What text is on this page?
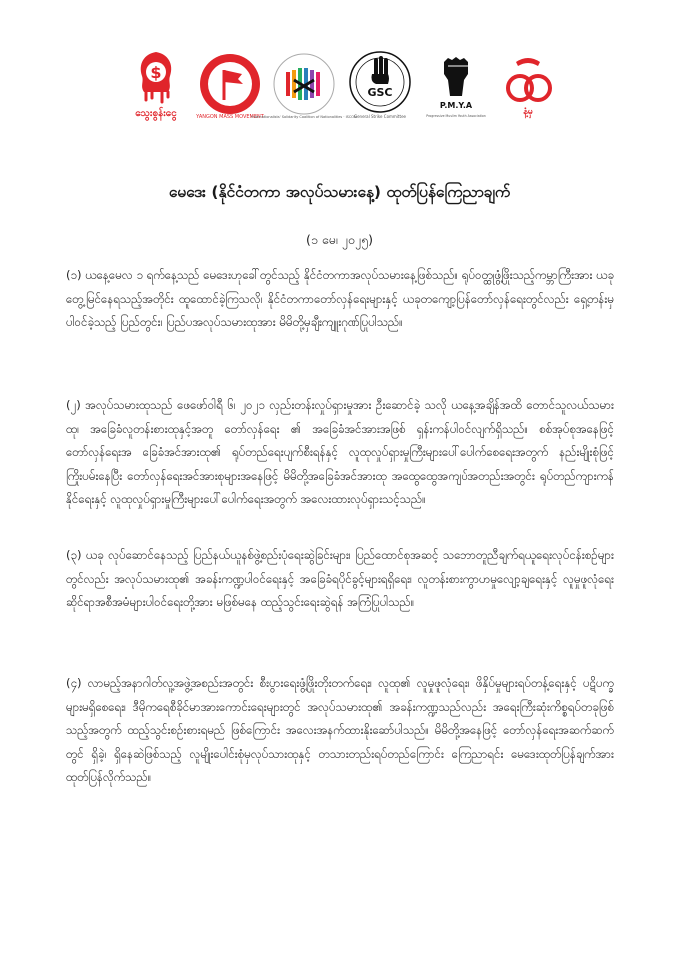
$
သွေးစွန်းငွေ	YANGON MASS MOVEMENT
Internationalists' Solidarity Coalition of Nationalities · ISCON
GSC
General Strike Committee
P.M.Y.A
Progressive Muslim Youth Association	နံ့မှ
မေဒေး (နိုင်ငံတကာ အလုပ်သမားနေ့) ထုတ်ပြန်ကြေညာချက်
(၁ မေ၊ ၂၀၂၅)

(၁) ယနေ့မေလ ၁ ရက်နေ့သည် မေဒေးဟုခေါ်တွင်သည့် နိုင်ငံတကာအလုပ်သမားနေ့ဖြစ်သည်။ ရုပ်ဝတ္ထုဖွံ့ဖြိုးသည့်ကမ္ဘာကြီးအား ယခုတွေ့မြင်နေရသည့်အတိုင်း ထူထောင်ခဲ့ကြသလို၊ နိုင်ငံတကာတော်လှန်ရေးများနှင့် ယခုတကျော့ပြန်တော်လှန်ရေးတွင်လည်း ရှေ့တန်းမှပါဝင်ခဲ့သည့် ပြည်တွင်း၊ ပြည်ပအလုပ်သမားထုအား မိမိတို့မှချီးကျူးဂုဏ်ပြုပါသည်။

(၂) အလုပ်သမားထုသည် ဖေဖော်ဝါရီ ၆၊ ၂၀၂၁ လှည်းတန်းလှုပ်ရှားမှုအား ဦးဆောင်ခဲ့ သလို ယနေ့အချိန်အထိ တောင်သူလယ်သမားထု၊ အခြေခံလူတန်းစားထုနှင့်အတူ တော်လှန်ရေး ၏ အခြေခံအင်အားအဖြစ် ရှန်းကန်ပါဝင်လျက်ရှိသည်။ စစ်အုပ်စုအနေဖြင့် တော်လှန်ရေးအ ခြေခံအင်အားထု၏ ရုပ်တည်ရေးပျက်စီးရန်နှင့် လူထုလှုပ်ရှားမှုကြီးများပေါ်ပေါက်စေရေးအတွက် နည်းမျိုးစုံဖြင့်ကြိုးပမ်းနေပြီး တော်လှန်ရေးအင်အားစုများအနေဖြင့် မိမိတို့အခြေခံအင်အားထု အထွေထွေအကျပ်အတည်းအတွင်း ရုပ်တည်ကျားကန်နိုင်ရေးနှင့် လူထုလှုပ်ရှားမှုကြီးများပေါ်ပေါက်ရေးအတွက် အလေးထားလုပ်ရှားသင့်သည်။

(၃) ယခု လုပ်ဆောင်နေသည့် ပြည်နယ်ယူနစ်ဖွဲ့စည်းပုံရေးဆွဲခြင်းများ၊ ပြည်ထောင်စုအဆင့် သဘောတူညီချက်ရယူရေးလုပ်ငန်းစဉ်များတွင်လည်း အလုပ်သမားထု၏ အခန်းကဏ္ဍပါဝင်ရေးနှင့် အခြေခံရပိုင်ခွင့်များရရှိရေး၊ လူတန်းစားကွာဟမှုလျော့ချရေးနှင့် လူမှုဖူလုံရေးဆိုင်ရာအစီအမံများပါဝင်ရေးတို့အား မဖြစ်မနေ ထည့်သွင်းရေးဆွဲရန် အကြံပြုပါသည်။

(၄) လာမည့်အနာဂါတ်လူ့အဖွဲ့အစည်းအတွင်း စီးပွားရေးဖွံ့ဖြိုးတိုးတက်ရေး၊ လူထု၏ လူမှုဖူလုံရေး၊ ဖိနှိပ်မှုများရပ်တန့်ရေးနှင့် ပဋိပက္ခများမရှိစေရေး၊ ဒီမိုကရေစီခိုင်မာအားကောင်းရေးများတွင် အလုပ်သမားထု၏ အခန်းကဏ္ဍသည်လည်း အရေးကြီးဆုံးကိစ္စရပ်တခုဖြစ်သည့်အတွက် ထည့်သွင်းစဉ်းစားရမည် ဖြစ်ကြောင်း အလေးအနက်ထားနိုးဆော်ပါသည်။ မိမိတို့အနေဖြင့် တော်လှန်ရေးအဆက်ဆက်တွင် ရှိခဲ့၊ ရှိနေဆဲဖြစ်သည့် လူမျိုးပေါင်းစုံမှလုပ်သားထုနှင့် တသားတည်းရပ်တည်ကြောင်း ကြေညာရင်း မေဒေးထုတ်ပြန်ချက်အား ထုတ်ပြန်လိုက်သည်။
